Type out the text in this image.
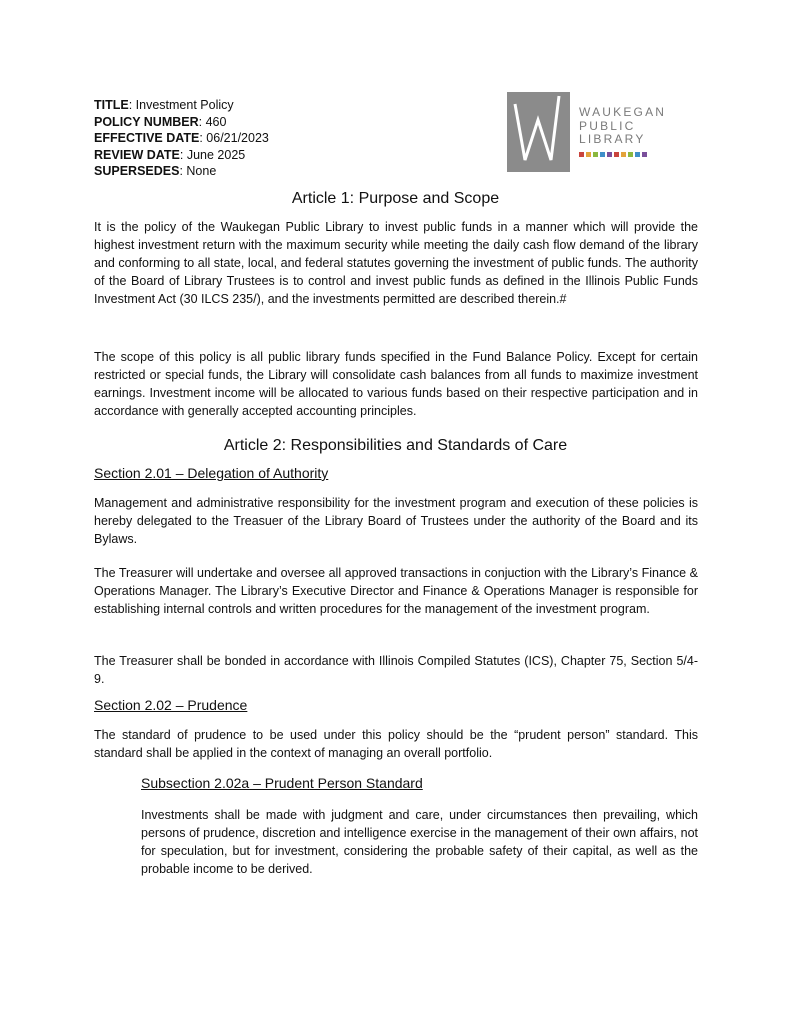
TITLE: Investment Policy
POLICY NUMBER: 460
EFFECTIVE DATE: 06/21/2023
REVIEW DATE: June 2025
SUPERSEDES: None
WAUKEGAN
PUBLIC
LIBRARY
Article 1: Purpose and Scope

It is the policy of the Waukegan Public Library to invest public funds in a manner which will provide the highest investment return with the maximum security while meeting the daily cash flow demand of the library and conforming to all state, local, and federal statutes governing the investment of public funds. The authority of the Board of Library Trustees is to control and invest public funds as defined in the Illinois Public Funds Investment Act (30 ILCS 235/), and the investments permitted are described therein.#

The scope of this policy is all public library funds specified in the Fund Balance Policy. Except for certain restricted or special funds, the Library will consolidate cash balances from all funds to maximize investment earnings. Investment income will be allocated to various funds based on their respective participation and in accordance with generally accepted accounting principles.

Article 2: Responsibilities and Standards of Care

Section 2.01 – Delegation of Authority

Management and administrative responsibility for the investment program and execution of these policies is hereby delegated to the Treasuer of the Library Board of Trustees under the authority of the Board and its Bylaws.

The Treasurer will undertake and oversee all approved transactions in conjuction with the Library’s Finance & Operations Manager. The Library’s Executive Director and Finance & Operations Manager is responsible for establishing internal controls and written procedures for the management of the investment program.

The Treasurer shall be bonded in accordance with Illinois Compiled Statutes (ICS), Chapter 75, Section 5/4-9.

Section 2.02 – Prudence

The standard of prudence to be used under this policy should be the “prudent person” standard. This standard shall be applied in the context of managing an overall portfolio.

Subsection 2.02a – Prudent Person Standard

Investments shall be made with judgment and care, under circumstances then prevailing, which persons of prudence, discretion and intelligence exercise in the management of their own affairs, not for speculation, but for investment, considering the probable safety of their capital, as well as the probable income to be derived.
